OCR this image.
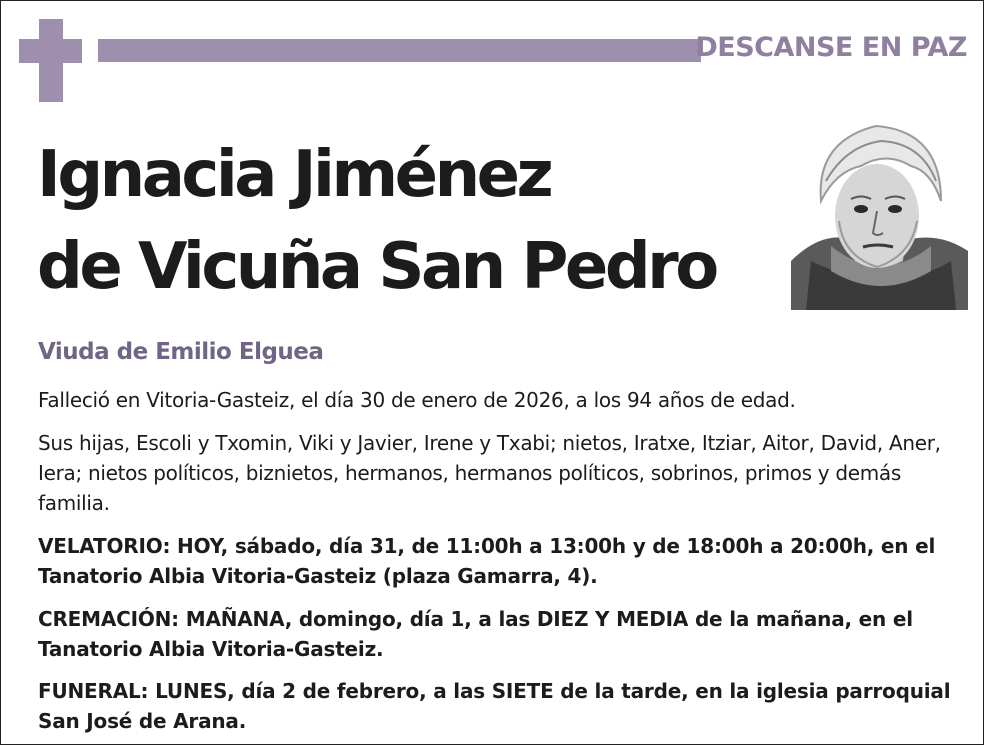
DESCANSE EN PAZ
Ignacia Jiménez
de Vicuña San Pedro
Viuda de Emilio Elguea
Falleció en Vitoria-Gasteiz, el día 30 de enero de 2026, a los 94 años de edad.
Sus hijas, Escoli y Txomin, Viki y Javier, Irene y Txabi; nietos, Iratxe, Itziar, Aitor, David, Aner, Iera; nietos políticos, biznietos, hermanos, hermanos políticos, sobrinos, primos y demás familia.
VELATORIO: HOY, sábado, día 31, de 11:00h a 13:00h y de 18:00h a 20:00h, en el Tanatorio Albia Vitoria-Gasteiz (plaza Gamarra, 4).
CREMACIÓN: MAÑANA, domingo, día 1, a las DIEZ Y MEDIA de la mañana, en el Tanatorio Albia Vitoria-Gasteiz.
FUNERAL: LUNES, día 2 de febrero, a las SIETE de la tarde, en la iglesia parroquial San José de Arana.
